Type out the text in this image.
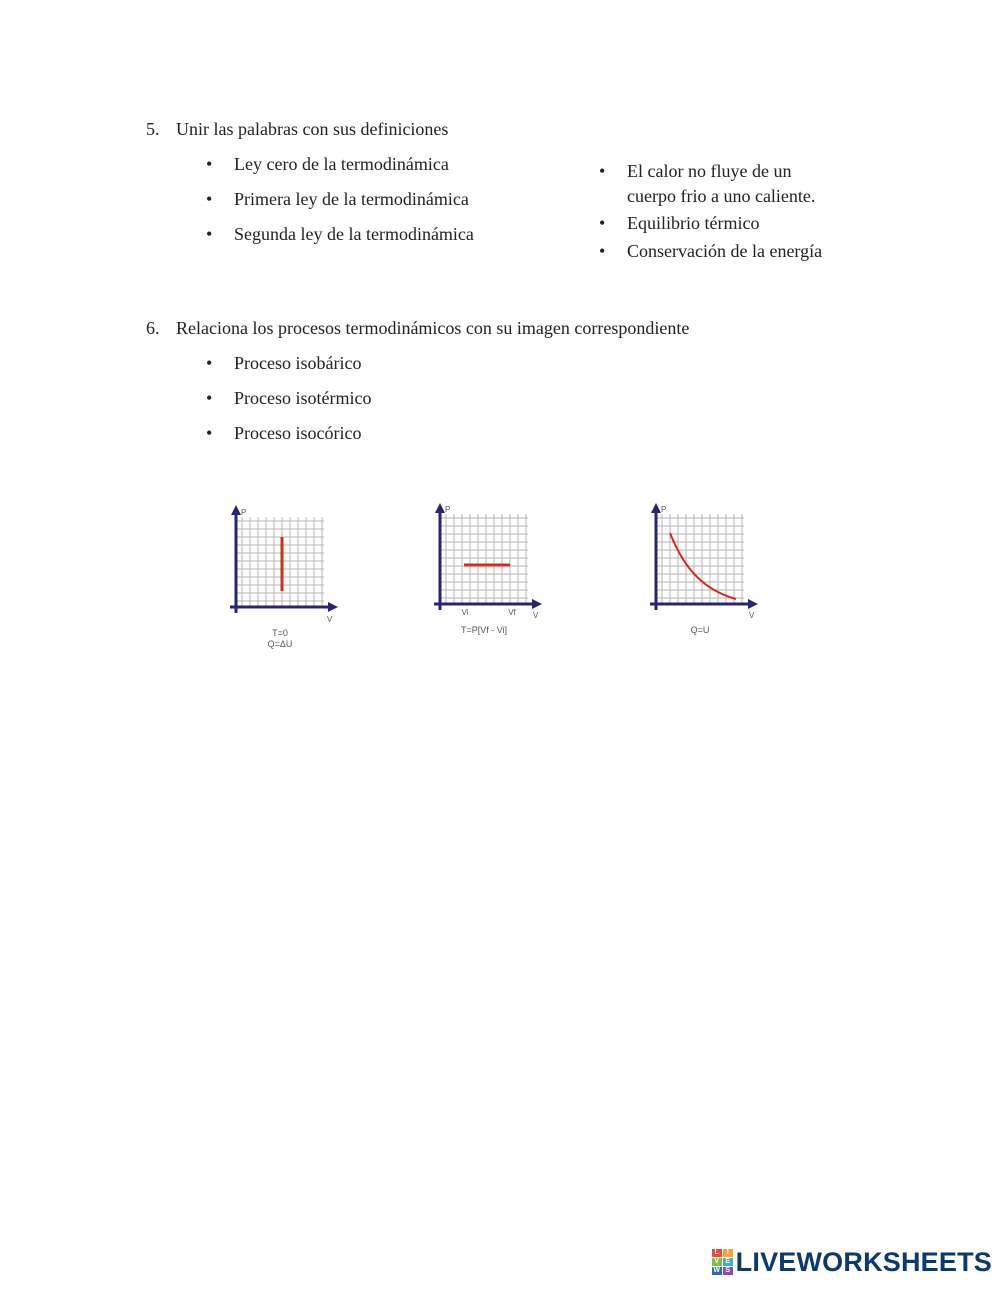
5. Unir las palabras con sus definiciones
• Ley cero de la termodinámica
• Primera ley de la termodinámica
• Segunda ley de la termodinámica
• El calor no fluye de un
cuerpo frio a uno caliente.
• Equilibrio térmico
• Conservación de la energía
6. Relaciona los procesos termodinámicos con su imagen correspondiente
• Proceso isobárico
• Proceso isotérmico
• Proceso isocórico
P
V
T=0
Q=ΔU
P
V
Vi	Vf
T=P[Vf - Vi]
P
V
Q=U
L	I
V E
W S LIVEWORKSHEETS
